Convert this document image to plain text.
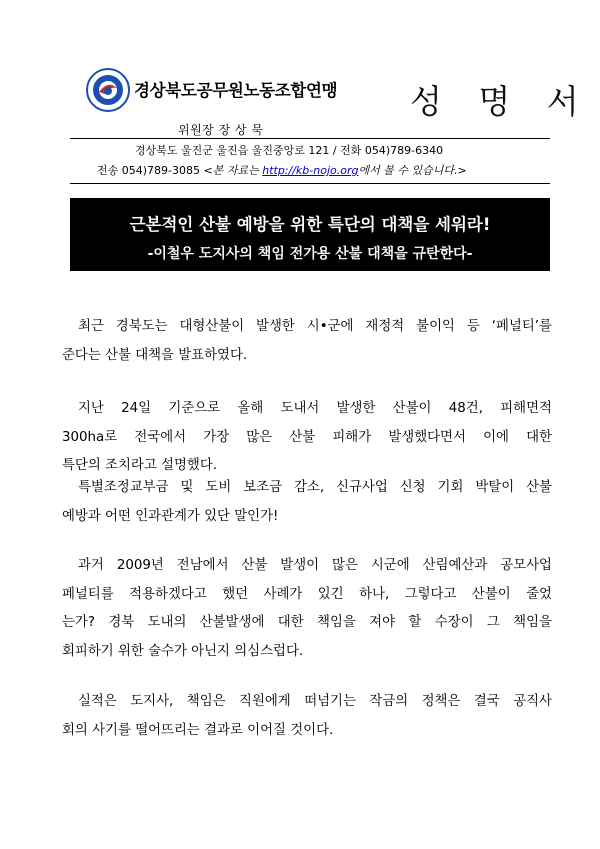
경상북도공무원노동조합연맹 성 명 서
위원장 장 상 묵
경상북도 울진군 울진읍 울진중앙로 121 / 전화 054)789-6340
전송 054)789-3085 <본 자료는 http://kb-nojo.org에서 볼 수 있습니다.>
근본적인 산불 예방을 위한 특단의 대책을 세워라!
-이철우 도지사의 책임 전가용 산불 대책을 규탄한다-
최근 경북도는 대형산불이 발생한 시•군에 재정적 불이익 등 ‘페널티’를
준다는 산불 대책을 발표하였다.
지난 24일 기준으로 올해 도내서 발생한 산불이 48건, 피해면적
300ha로 전국에서 가장 많은 산불 피해가 발생했다면서 이에 대한
특단의 조치라고 설명했다.
특별조정교부금 및 도비 보조금 감소, 신규사업 신청 기회 박탈이 산불
예방과 어떤 인과관계가 있단 말인가!
과거 2009년 전남에서 산불 발생이 많은 시군에 산림예산과 공모사업
페널티를 적용하겠다고 했던 사례가 있긴 하나, 그렇다고 산불이 줄었
는가? 경북 도내의 산불발생에 대한 책임을 져야 할 수장이 그 책임을
회피하기 위한 술수가 아닌지 의심스럽다.
실적은 도지사, 책임은 직원에게 떠넘기는 작금의 정책은 결국 공직사
회의 사기를 떨어뜨리는 결과로 이어질 것이다.
